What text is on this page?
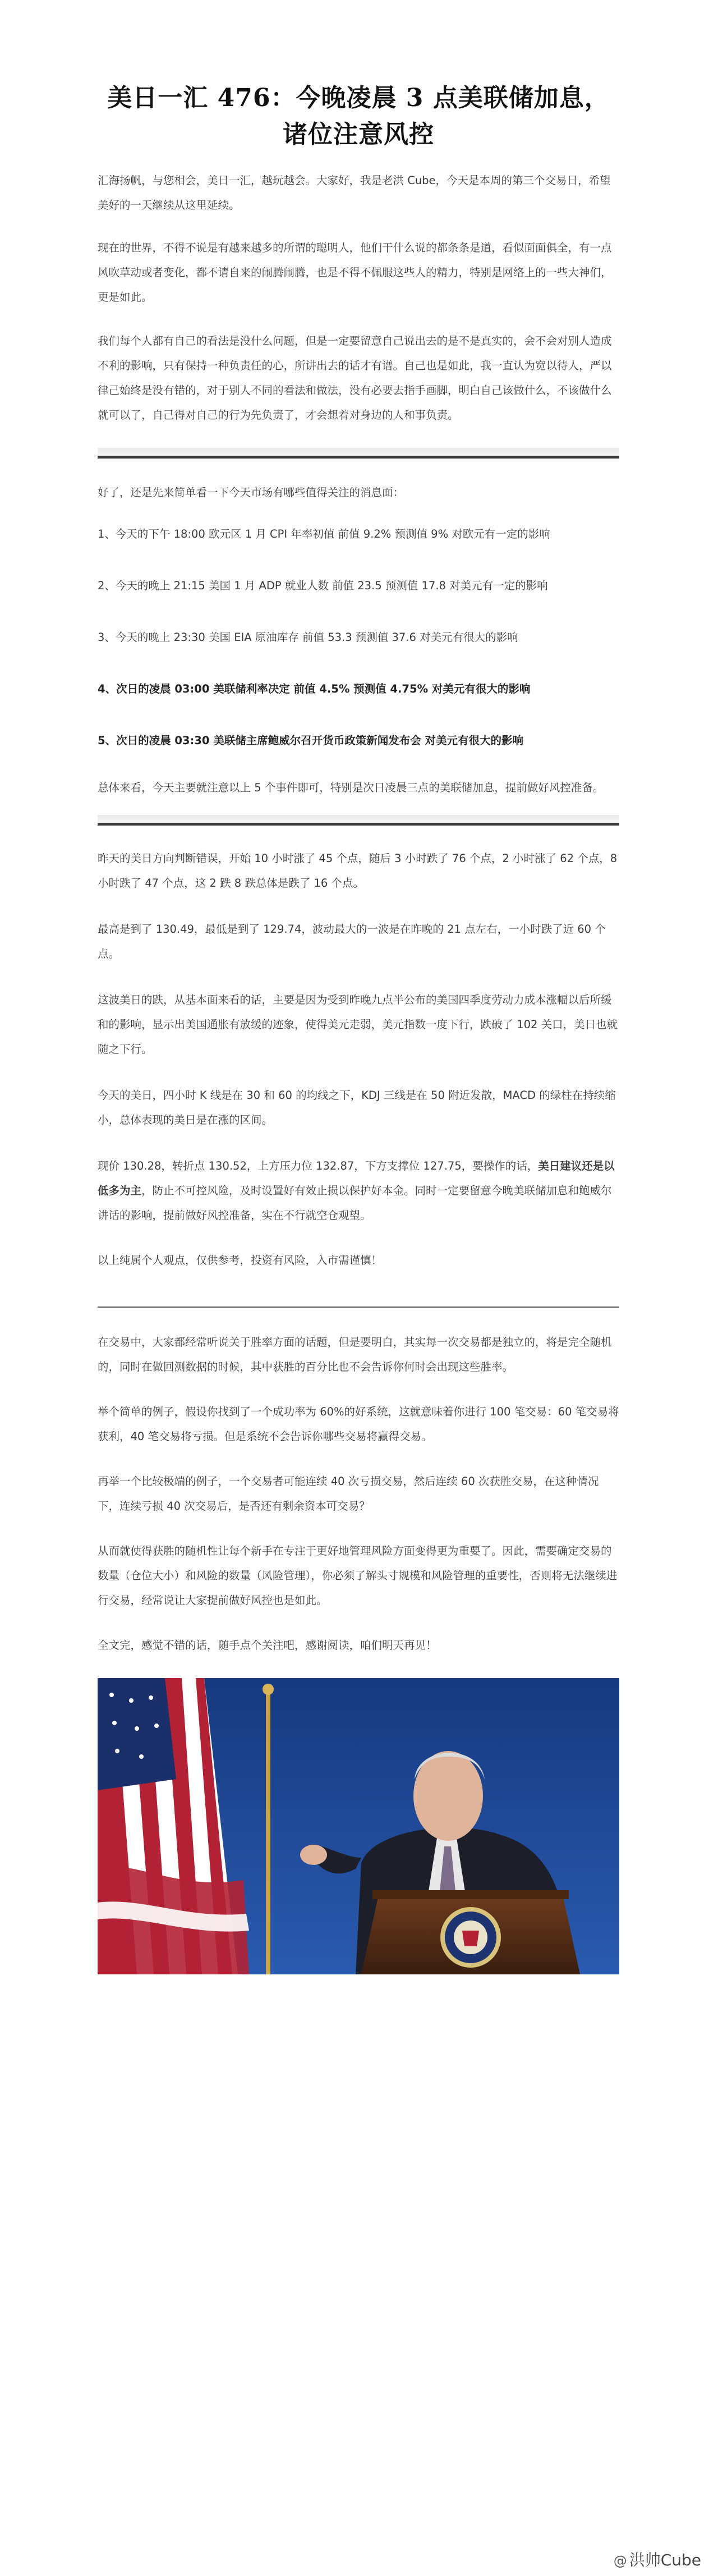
美日一汇 476：今晚凌晨 3 点美联储加息，诸位注意风控

汇海扬帆，与您相会，美日一汇，越玩越会。大家好，我是老洪 Cube，今天是本周的第三个交易日，希望美好的一天继续从这里延续。

现在的世界，不得不说是有越来越多的所谓的聪明人，他们干什么说的都条条是道，看似面面俱全，有一点风吹草动或者变化，都不请自来的闹腾闹腾，也是不得不佩服这些人的精力，特别是网络上的一些大神们，更是如此。

我们每个人都有自己的看法是没什么问题，但是一定要留意自己说出去的是不是真实的，会不会对别人造成不利的影响，只有保持一种负责任的心，所讲出去的话才有谱。自己也是如此，我一直认为宽以待人，严以律己始终是没有错的，对于别人不同的看法和做法，没有必要去指手画脚，明白自己该做什么，不该做什么就可以了，自己得对自己的行为先负责了，才会想着对身边的人和事负责。

好了，还是先来简单看一下今天市场有哪些值得关注的消息面：

1、今天的下午 18:00 欧元区 1 月 CPI 年率初值 前值 9.2% 预测值 9% 对欧元有一定的影响

2、今天的晚上 21:15 美国 1 月 ADP 就业人数 前值 23.5 预测值 17.8 对美元有一定的影响

3、今天的晚上 23:30 美国 EIA 原油库存 前值 53.3 预测值 37.6 对美元有很大的影响

4、次日的凌晨 03:00 美联储利率决定 前值 4.5% 预测值 4.75% 对美元有很大的影响

5、次日的凌晨 03:30 美联储主席鲍威尔召开货币政策新闻发布会 对美元有很大的影响

总体来看，今天主要就注意以上 5 个事件即可，特别是次日凌晨三点的美联储加息，提前做好风控准备。

昨天的美日方向判断错误，开始 10 小时涨了 45 个点，随后 3 小时跌了 76 个点，2 小时涨了 62 个点，8 小时跌了 47 个点，这 2 跌 8 跌总体是跌了 16 个点。

最高是到了 130.49，最低是到了 129.74，波动最大的一波是在昨晚的 21 点左右，一小时跌了近 60 个点。

这波美日的跌，从基本面来看的话，主要是因为受到昨晚九点半公布的美国四季度劳动力成本涨幅以后所缓和的影响，显示出美国通胀有放缓的迹象，使得美元走弱，美元指数一度下行，跌破了 102 关口，美日也就随之下行。

今天的美日，四小时 K 线是在 30 和 60 的均线之下，KDJ 三线是在 50 附近发散，MACD 的绿柱在持续缩小，总体表现的美日是在涨的区间。

现价 130.28，转折点 130.52，上方压力位 132.87，下方支撑位 127.75，要操作的话，美日建议还是以低多为主，防止不可控风险，及时设置好有效止损以保护好本金。同时一定要留意今晚美联储加息和鲍威尔讲话的影响，提前做好风控准备，实在不行就空仓观望。

以上纯属个人观点，仅供参考，投资有风险，入市需谨慎！

在交易中，大家都经常听说关于胜率方面的话题，但是要明白，其实每一次交易都是独立的，将是完全随机的，同时在做回测数据的时候，其中获胜的百分比也不会告诉你何时会出现这些胜率。

举个简单的例子，假设你找到了一个成功率为 60%的好系统，这就意味着你进行 100 笔交易：60 笔交易将获利，40 笔交易将亏损。但是系统不会告诉你哪些交易将赢得交易。

再举一个比较极端的例子，一个交易者可能连续 40 次亏损交易，然后连续 60 次获胜交易，在这种情况下，连续亏损 40 次交易后，是否还有剩余资本可交易？

从而就使得获胜的随机性让每个新手在专注于更好地管理风险方面变得更为重要了。因此，需要确定交易的数量（仓位大小）和风险的数量（风险管理），你必须了解头寸规模和风险管理的重要性，否则将无法继续进行交易，经常说让大家提前做好风控也是如此。

全文完，感觉不错的话，随手点个关注吧，感谢阅读，咱们明天再见！

@ 洪帅Cube
